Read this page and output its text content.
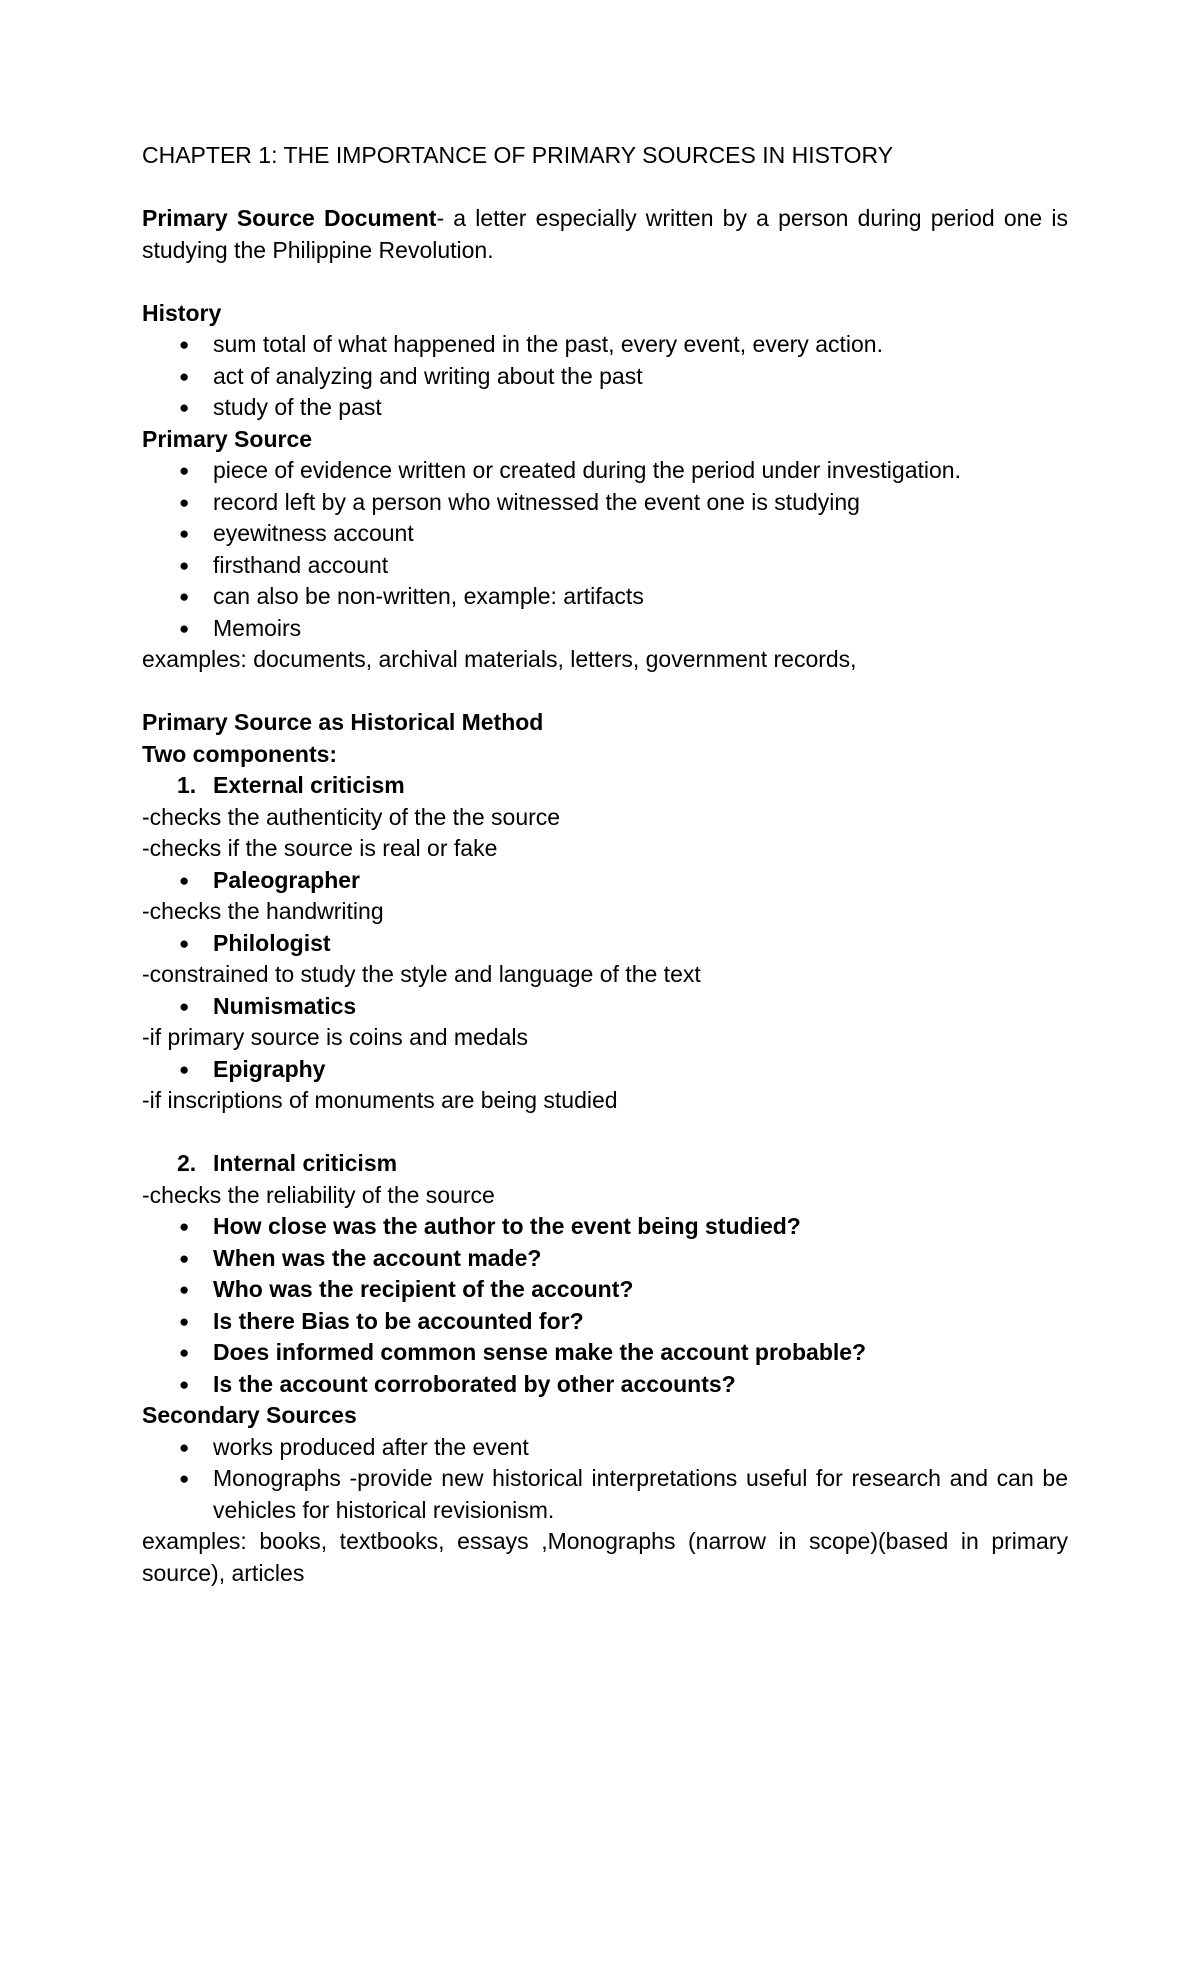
CHAPTER 1: THE IMPORTANCE OF PRIMARY SOURCES IN HISTORY

Primary Source Document- a letter especially written by a person during period one is studying the Philippine Revolution.

History

● sum total of what happened in the past, every event, every action.
● act of analyzing and writing about the past
● study of the past

Primary Source

● piece of evidence written or created during the period under investigation.
● record left by a person who witnessed the event one is studying
● eyewitness account
● firsthand account
● can also be non-written, example: artifacts
● Memoirs

examples: documents, archival materials, letters, government records,

Primary Source as Historical Method

Two components:

1. External criticism

-checks the authenticity of the the source

-checks if the source is real or fake

● Paleographer

-checks the handwriting

● Philologist

-constrained to study the style and language of the text

● Numismatics

-if primary source is coins and medals

● Epigraphy

-if inscriptions of monuments are being studied

2. Internal criticism

-checks the reliability of the source

● How close was the author to the event being studied?
● When was the account made?
● Who was the recipient of the account?
● Is there Bias to be accounted for?
● Does informed common sense make the account probable?
● Is the account corroborated by other accounts?

Secondary Sources

● works produced after the event
● Monographs -provide new historical interpretations useful for research and can be vehicles for historical revisionism.

examples: books, textbooks, essays ,Monographs (narrow in scope)(based in primary source), articles
